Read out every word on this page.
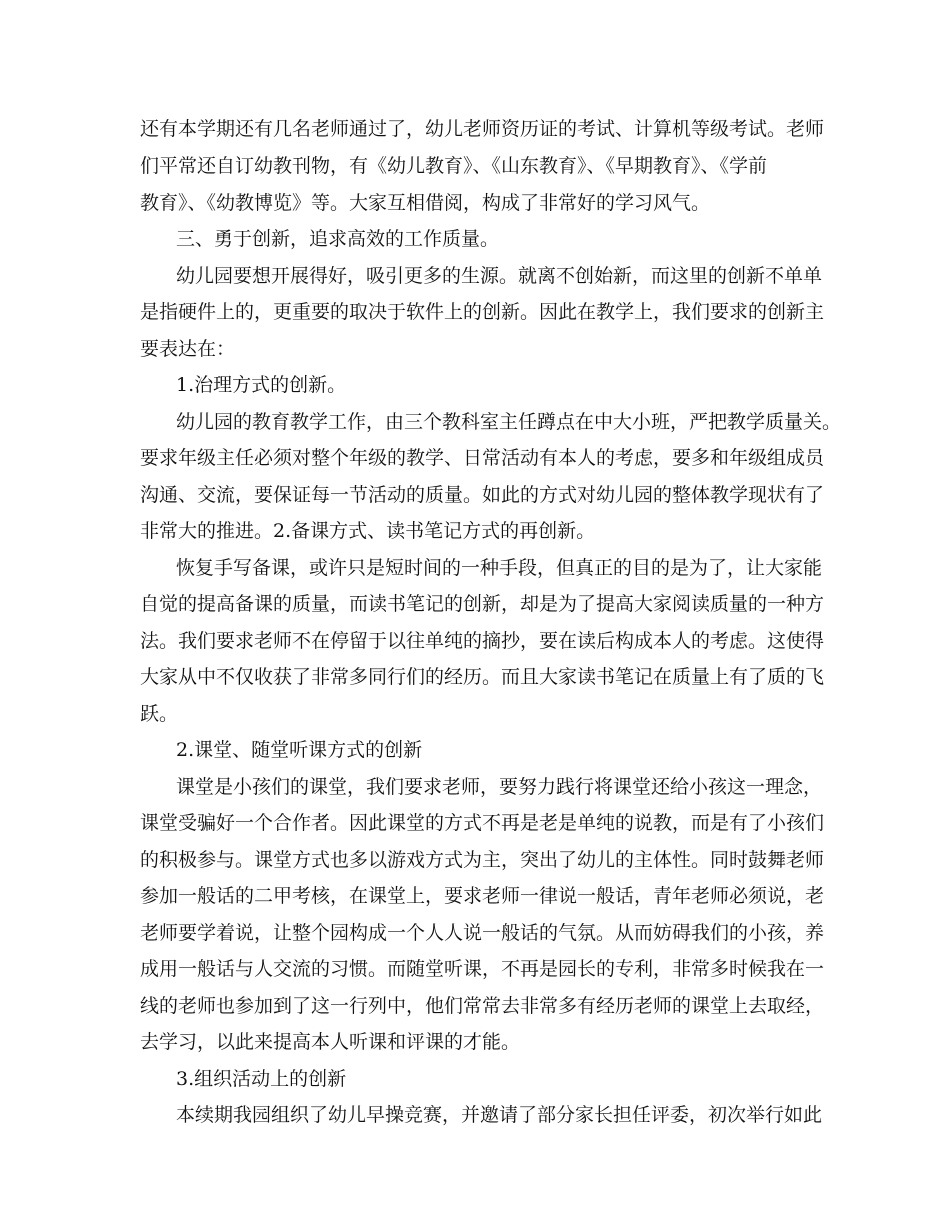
还有本学期还有几名老师通过了，幼儿老师资历证的考试、计算机等级考试。老师
们平常还自订幼教刊物，有《幼儿教育》、《山东教育》、《早期教育》、《学前
教育》、《幼教博览》等。大家互相借阅，构成了非常好的学习风气。
三、勇于创新，追求高效的工作质量。
幼儿园要想开展得好，吸引更多的生源。就离不创始新，而这里的创新不单单
是指硬件上的，更重要的取决于软件上的创新。因此在教学上，我们要求的创新主
要表达在：
1.治理方式的创新。
幼儿园的教育教学工作，由三个教科室主任蹲点在中大小班，严把教学质量关。
要求年级主任必须对整个年级的教学、日常活动有本人的考虑，要多和年级组成员
沟通、交流，要保证每一节活动的质量。如此的方式对幼儿园的整体教学现状有了
非常大的推进。2.备课方式、读书笔记方式的再创新。
恢复手写备课，或许只是短时间的一种手段，但真正的目的是为了，让大家能
自觉的提高备课的质量，而读书笔记的创新，却是为了提高大家阅读质量的一种方
法。我们要求老师不在停留于以往单纯的摘抄，要在读后构成本人的考虑。这使得
大家从中不仅收获了非常多同行们的经历。而且大家读书笔记在质量上有了质的飞
跃。
2.课堂、随堂听课方式的创新
课堂是小孩们的课堂，我们要求老师，要努力践行将课堂还给小孩这一理念，
课堂受骗好一个合作者。因此课堂的方式不再是老是单纯的说教，而是有了小孩们
的积极参与。课堂方式也多以游戏方式为主，突出了幼儿的主体性。同时鼓舞老师
参加一般话的二甲考核，在课堂上，要求老师一律说一般话，青年老师必须说，老
老师要学着说，让整个园构成一个人人说一般话的气氛。从而妨碍我们的小孩，养
成用一般话与人交流的习惯。而随堂听课，不再是园长的专利，非常多时候我在一
线的老师也参加到了这一行列中，他们常常去非常多有经历老师的课堂上去取经，
去学习，以此来提高本人听课和评课的才能。
3.组织活动上的创新
本续期我园组织了幼儿早操竞赛，并邀请了部分家长担任评委，初次举行如此
